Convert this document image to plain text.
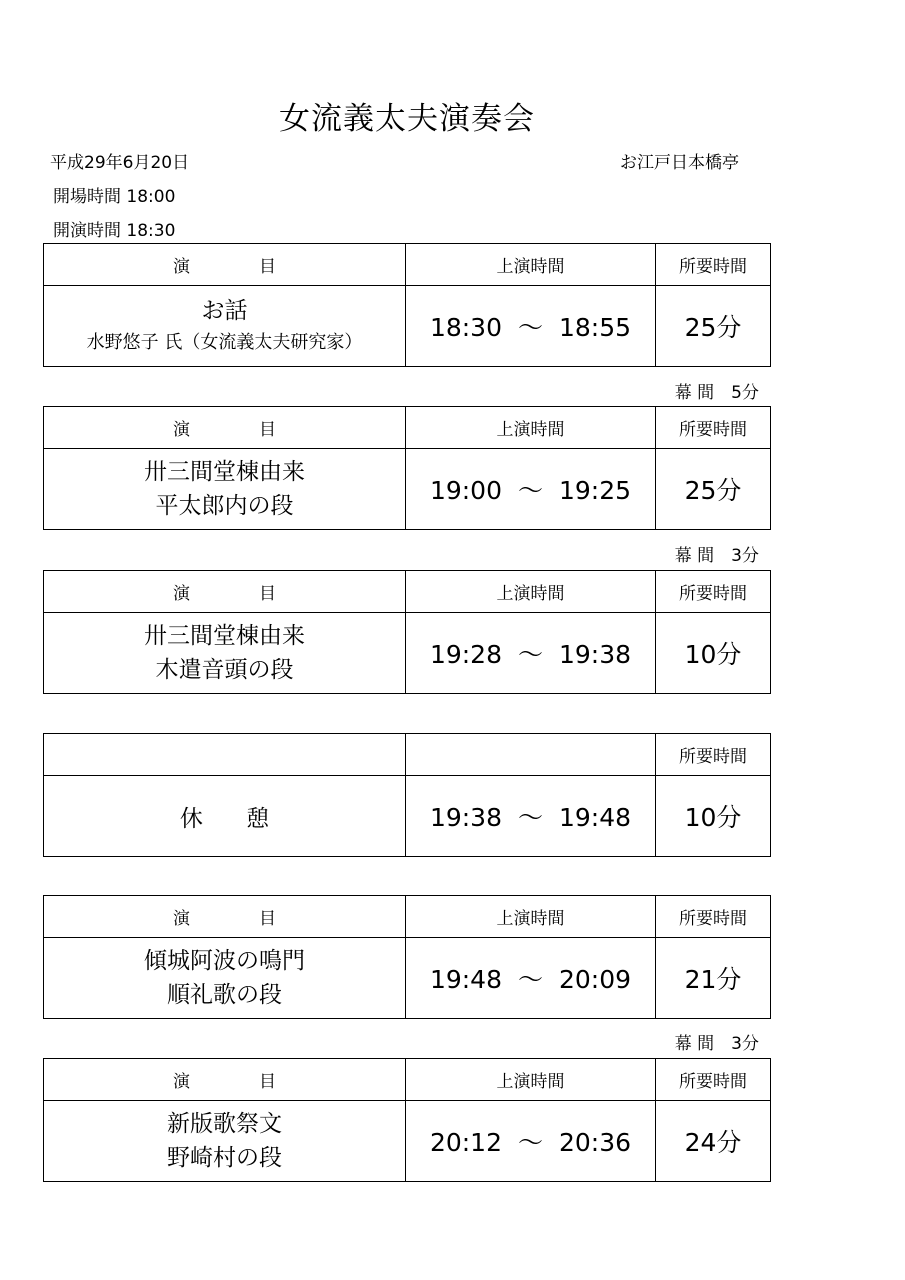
女流義太夫演奏会
平成29年6月20日	お江戸日本橋亭
開場時間 18:00
開演時間 18:30
演　目	上演時間	所要時間

お話
水野悠子 氏（女流義太夫研究家）	18:30 ～ 18:55	25分
幕 間　5分
演　目	上演時間	所要時間

卅三間堂棟由来
平太郎内の段	19:00 ～ 19:25	25分
幕 間　3分
演　目	上演時間	所要時間

卅三間堂棟由来
木遣音頭の段	19:28 ～ 19:38	10分
		所要時間
休 憩	19:38 ～ 19:48	10分
演　目	上演時間	所要時間

傾城阿波の鳴門
順礼歌の段	19:48 ～ 20:09	21分
幕 間　3分
演　目	上演時間	所要時間

新版歌祭文
野崎村の段	20:12 ～ 20:36	24分
